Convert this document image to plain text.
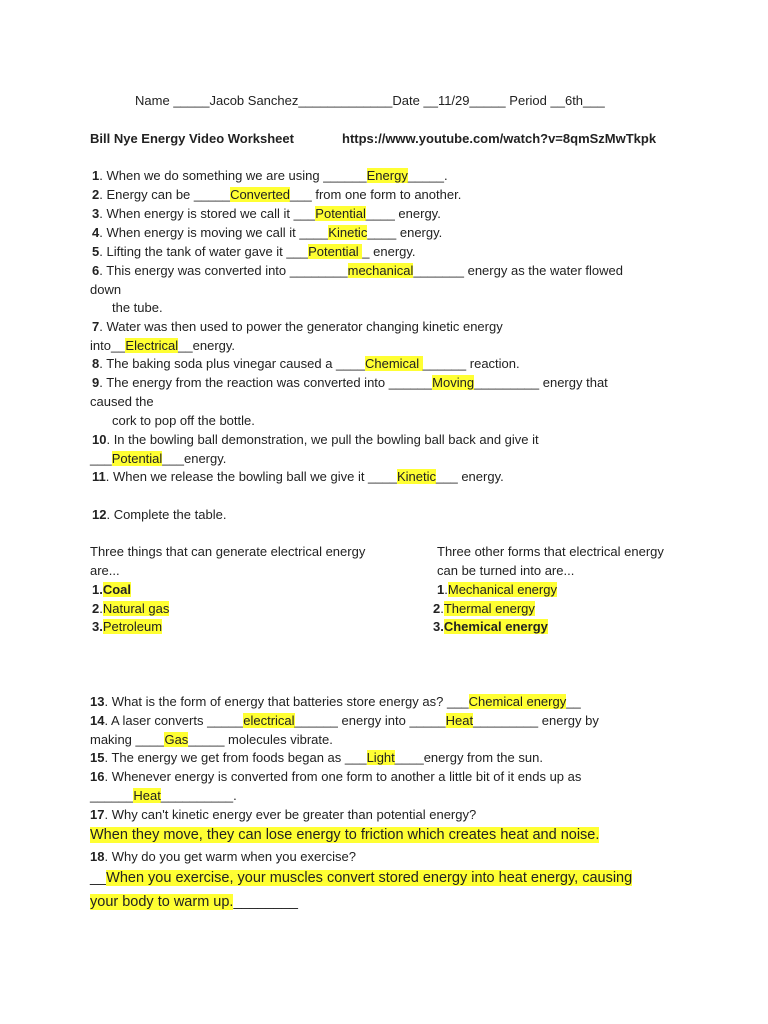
Name _____Jacob Sanchez_____________Date __11/29_____ Period __6th___
Bill Nye Energy Video Worksheet	https://www.youtube.com/watch?v=8qmSzMwTkpk
1. When we do something we are using ______Energy_____.
2. Energy can be _____Converted___ from one form to another.
3. When energy is stored we call it ___Potential____ energy.
4. When energy is moving we call it ____Kinetic____ energy.
5. Lifting the tank of water gave it ___Potential _ energy.
6. This energy was converted into ________mechanical_______ energy as the water flowed
down
the tube.
7. Water was then used to power the generator changing kinetic energy
into__Electrical__energy.
8. The baking soda plus vinegar caused a ____Chemical ______ reaction.
9. The energy from the reaction was converted into ______Moving_________ energy that
caused the
cork to pop off the bottle.
10. In the bowling ball demonstration, we pull the bowling ball back and give it
___Potential___energy.
11. When we release the bowling ball we give it ____Kinetic___ energy.
12. Complete the table.
Three things that can generate electrical energy
are...
1.Coal
2.Natural gas
3.Petroleum
Three other forms that electrical energy
can be turned into are...
1.Mechanical energy
2.Thermal energy
3.Chemical energy
13. What is the form of energy that batteries store energy as? ___Chemical energy__
14. A laser converts _____electrical______ energy into _____Heat_________ energy by
making ____Gas_____ molecules vibrate.
15. The energy we get from foods began as ___Light____energy from the sun.
16. Whenever energy is converted from one form to another a little bit of it ends up as
______Heat__________.
17. Why can't kinetic energy ever be greater than potential energy?
When they move, they can lose energy to friction which creates heat and noise.
18. Why do you get warm when you exercise?
__When you exercise, your muscles convert stored energy into heat energy, causing
your body to warm up.________
